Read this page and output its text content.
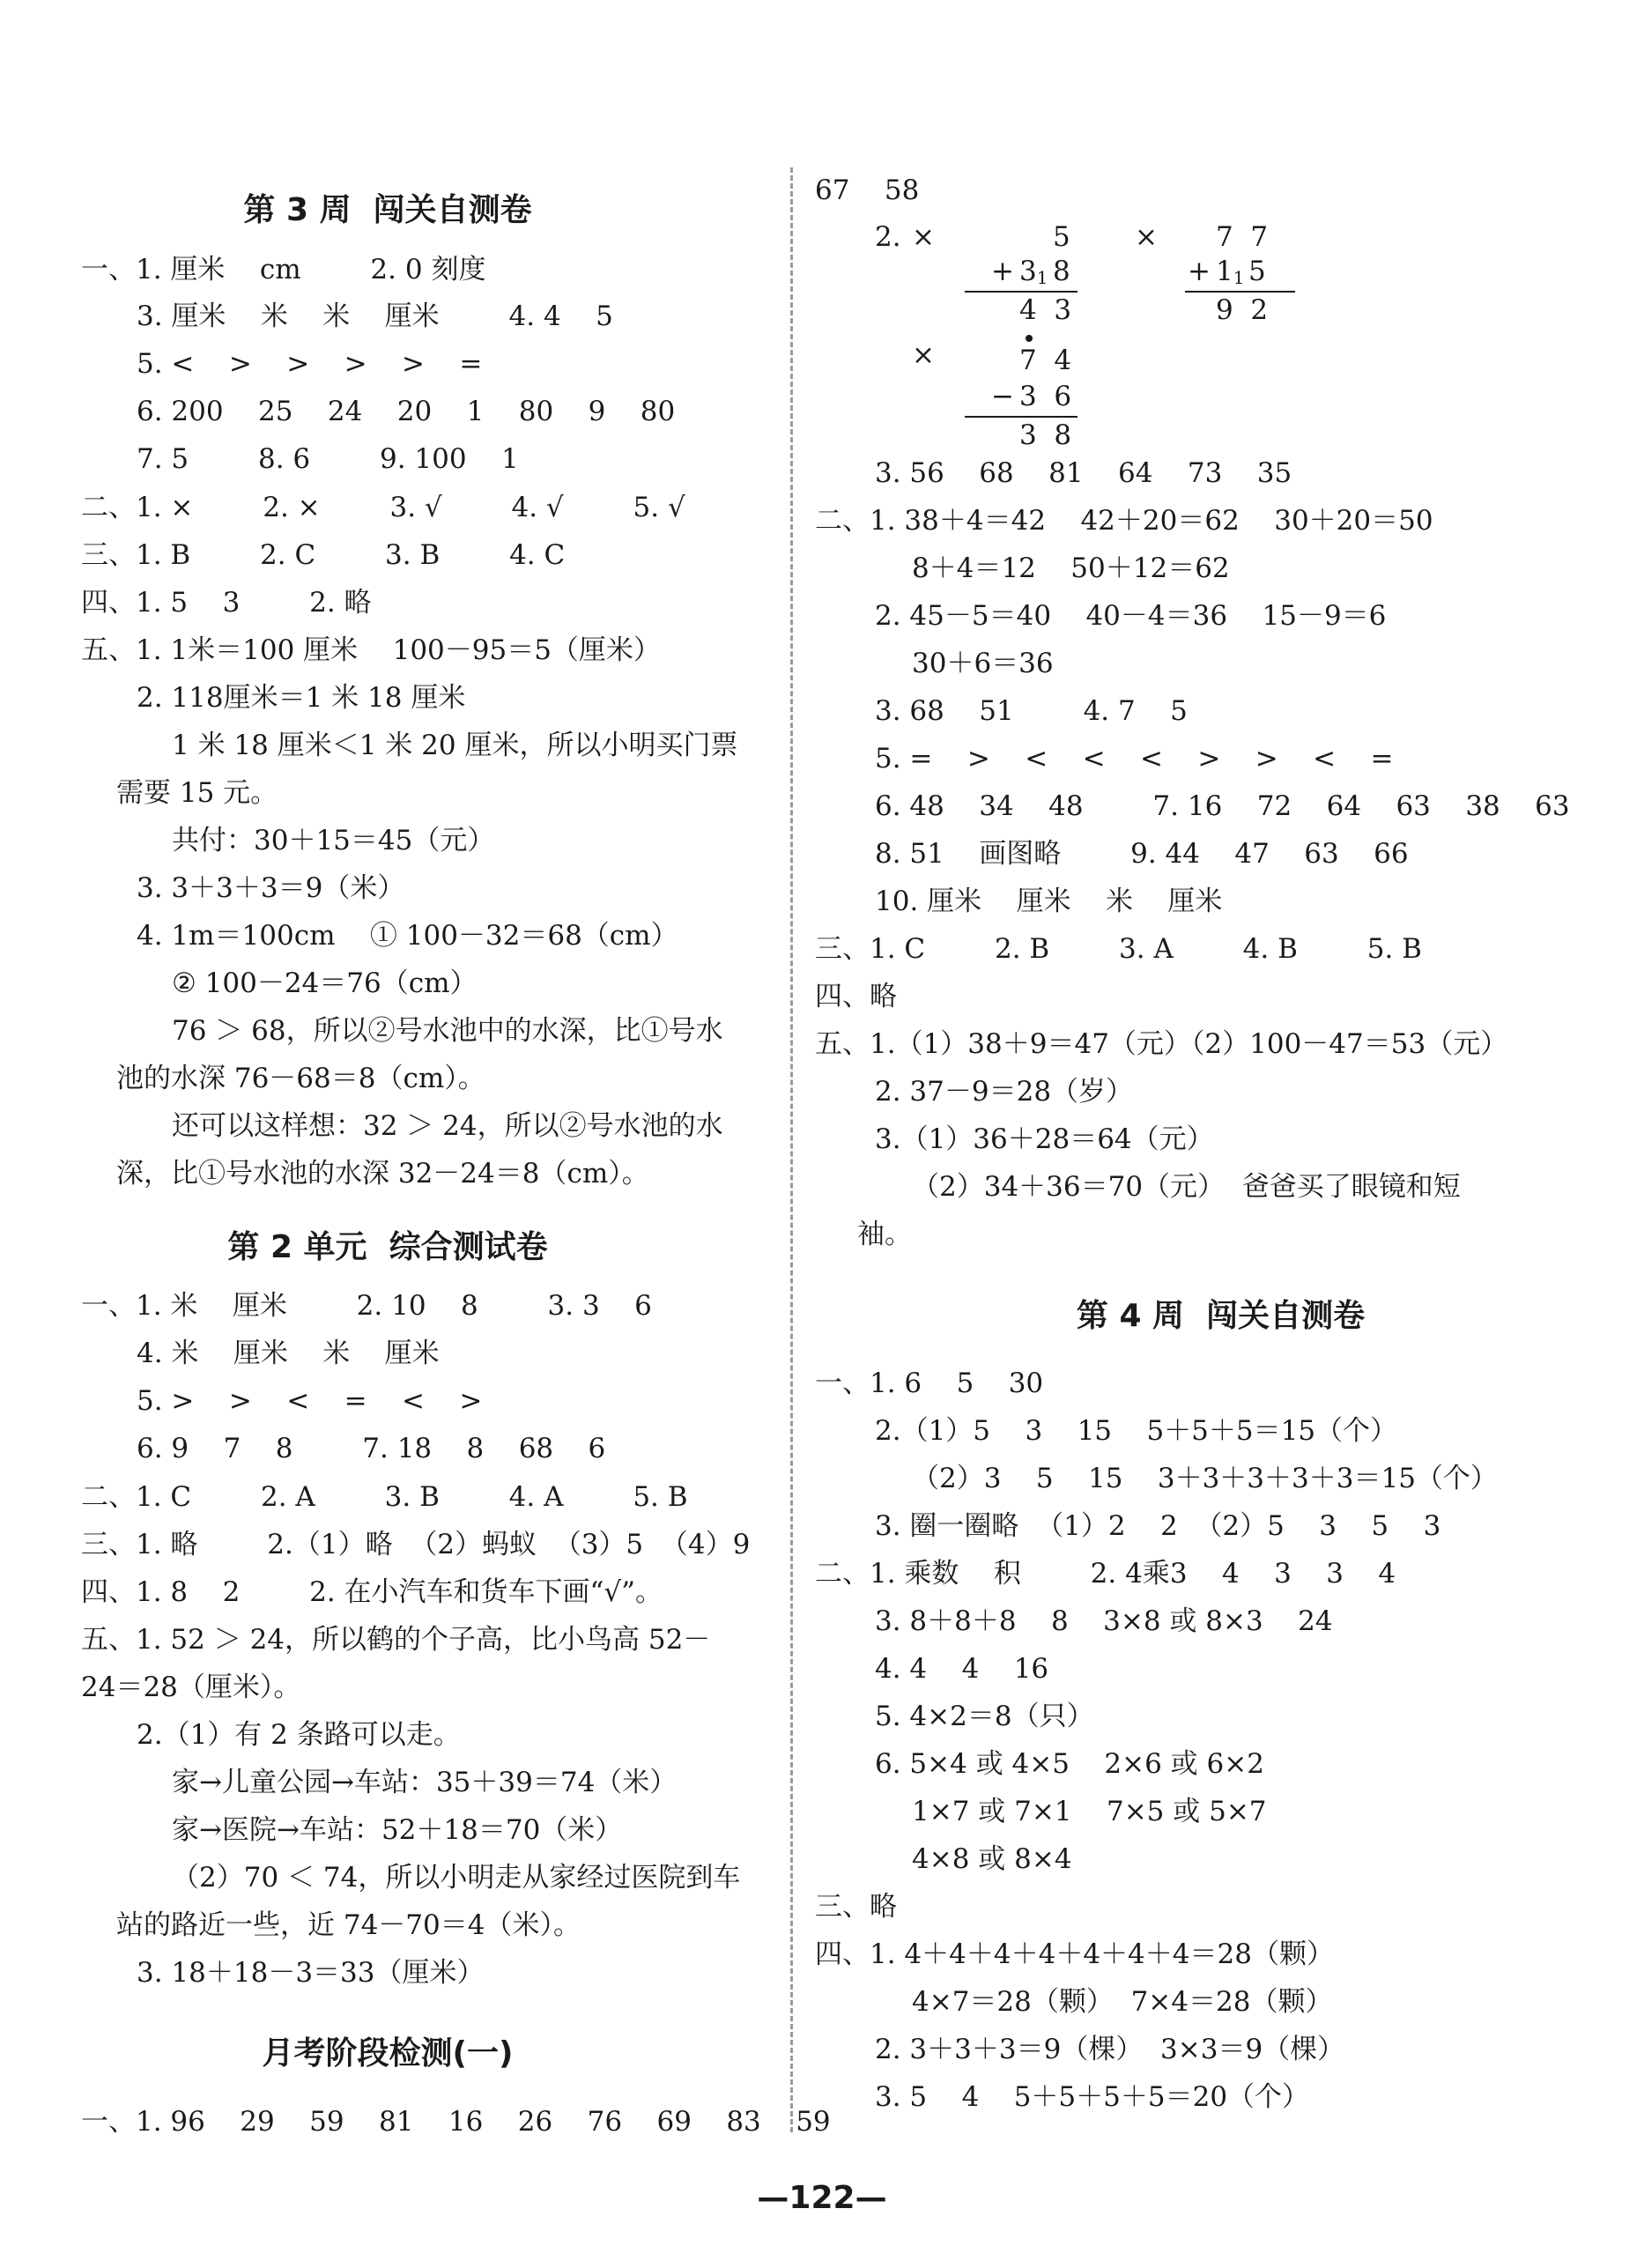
第 3 周  闯关自测卷
一、1. 厘米    cm        2. 0 刻度
3. 厘米    米    米    厘米        4. 4    5
5. <    >    >    >    >    =
6. 200    25    24    20    1    80    9    80
7. 5        8. 6        9. 100    1
二、1. ×        2. ×        3. √        4. √        5. √
三、1. B        2. C        3. B        4. C
四、1. 5    3        2. 略
五、1. 1米＝100 厘米    100－95＝5（厘米）
2. 118厘米＝1 米 18 厘米
1 米 18 厘米＜1 米 20 厘米，所以小明买门票
需要 15 元。
共付：30＋15＝45（元）
3. 3＋3＋3＝9（米）
4. 1m＝100cm    ① 100－32＝68（cm）
② 100－24＝76（cm）
76 ＞ 68，所以②号水池中的水深，比①号水
池的水深 76－68＝8（cm）。
还可以这样想：32 ＞ 24，所以②号水池的水
深，比①号水池的水深 32－24＝8（cm）。
第 2 单元  综合测试卷
一、1. 米    厘米        2. 10    8        3. 3    6
4. 米    厘米    米    厘米
5. >    >    <    =    <    >
6. 9    7    8        7. 18    8    68    6
二、1. C        2. A        3. B        4. A        5. B
三、1. 略        2.（1）略  （2）蚂蚁  （3）5  （4）9
四、1. 8    2        2. 在小汽车和货车下画“√”。
五、1. 52 ＞ 24，所以鹤的个子高，比小鸟高 52－
24＝28（厘米）。
2.（1）有 2 条路可以走。
家→儿童公园→车站：35＋39＝74（米）
家→医院→车站：52＋18＝70（米）
（2）70 ＜ 74，所以小明走从家经过医院到车
站的路近一些，近 74－70＝4（米）。
3. 18＋18－3＝33（厘米）
月考阶段检测(一)
一、1. 96    29    59    81    16    26    76    69    83    59
67    58
2. ×	×
5
+ $3_1$ 8
4  3
7  7
+ $1_1$ 5
9  2
×	7  4
− 3  6
3  8
3. 56    68    81    64    73    35
二、1. 38＋4＝42    42＋20＝62    30＋20＝50
8＋4＝12    50＋12＝62
2. 45－5＝40    40－4＝36    15－9＝6
30＋6＝36
3. 68    51        4. 7    5
5. =    >    <    <    <    >    >    <    =
6. 48    34    48        7. 16    72    64    63    38    63
8. 51    画图略        9. 44    47    63    66
10. 厘米    厘米    米    厘米
三、1. C        2. B        3. A        4. B        5. B
四、略
五、1.（1）38＋9＝47（元）（2）100－47＝53（元）
2. 37－9＝28（岁）
3.（1）36＋28＝64（元）
（2）34＋36＝70（元）  爸爸买了眼镜和短
袖。
第 4 周  闯关自测卷
一、1. 6    5    30
2.（1）5    3    15    5＋5＋5＝15（个）
（2）3    5    15    3＋3＋3＋3＋3＝15（个）
3. 圈一圈略  （1）2    2  （2）5    3    5    3
二、1. 乘数    积        2. 4乘3    4    3    3    4
3. 8＋8＋8    8    3×8 或 8×3    24
4. 4    4    16
5. 4×2＝8（只）
6. 5×4 或 4×5    2×6 或 6×2
1×7 或 7×1    7×5 或 5×7
4×8 或 8×4
三、略
四、1. 4＋4＋4＋4＋4＋4＋4＝28（颗）
4×7＝28（颗）  7×4＝28（颗）
2. 3＋3＋3＝9（棵）  3×3＝9（棵）
3. 5    4    5＋5＋5＋5＝20（个）
—122—
